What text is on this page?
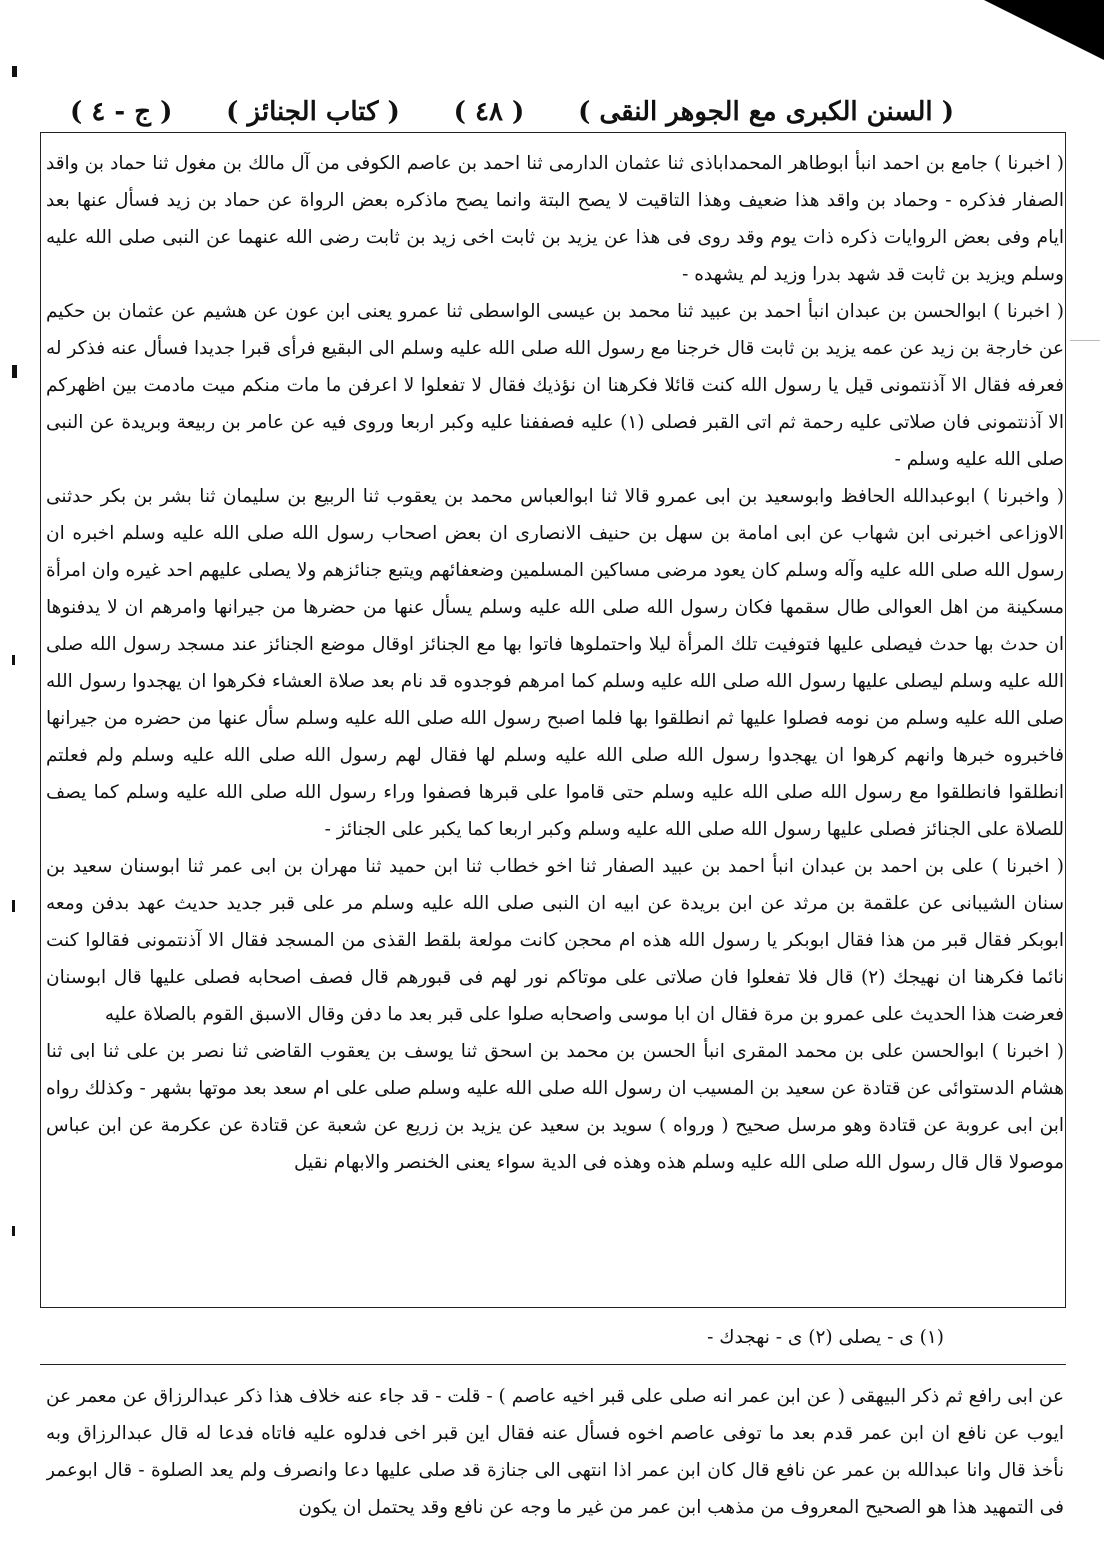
( السنن الكبرى مع الجوهر النقى )
( ٤٨ )
( كتاب الجنائز )
( ج - ٤ )

( اخبرنا ) جامع بن احمد انبأ ابوطاهر المحمداباذى ثنا عثمان الدارمى ثنا احمد بن عاصم الكوفى من آل مالك بن مغول ثنا حماد بن واقد الصفار فذكره - وحماد بن واقد هذا ضعيف وهذا التاقيت لا يصح البتة وانما يصح ماذكره بعض الرواة عن حماد بن زيد فسأل عنها بعد ايام وفى بعض الروايات ذكره ذات يوم وقد روى فى هذا عن يزيد بن ثابت اخى زيد بن ثابت رضى الله عنهما عن النبى صلى الله عليه وسلم ويزيد بن ثابت قد شهد بدرا وزيد لم يشهده -

( اخبرنا ) ابوالحسن بن عبدان انبأ احمد بن عبيد ثنا محمد بن عيسى الواسطى ثنا عمرو يعنى ابن عون عن هشيم عن عثمان بن حكيم عن خارجة بن زيد عن عمه يزيد بن ثابت قال خرجنا مع رسول الله صلى الله عليه وسلم الى البقيع فرأى قبرا جديدا فسأل عنه فذكر له فعرفه فقال الا آذنتمونى قيل يا رسول الله كنت قائلا فكرهنا ان نؤذيك فقال لا تفعلوا لا اعرفن ما مات منكم ميت مادمت بين اظهركم الا آذنتمونى فان صلاتى عليه رحمة ثم اتى القبر فصلى (١) عليه فصففنا عليه وكبر اربعا وروى فيه عن عامر بن ربيعة وبريدة عن النبى صلى الله عليه وسلم -

( واخبرنا ) ابوعبدالله الحافظ وابوسعيد بن ابى عمرو قالا ثنا ابوالعباس محمد بن يعقوب ثنا الربيع بن سليمان ثنا بشر بن بكر حدثنى الاوزاعى اخبرنى ابن شهاب عن ابى امامة بن سهل بن حنيف الانصارى ان بعض اصحاب رسول الله صلى الله عليه وسلم اخبره ان رسول الله صلى الله عليه وآله وسلم كان يعود مرضى مساكين المسلمين وضعفائهم ويتبع جنائزهم ولا يصلى عليهم احد غيره وان امرأة مسكينة من اهل العوالى طال سقمها فكان رسول الله صلى الله عليه وسلم يسأل عنها من حضرها من جيرانها وامرهم ان لا يدفنوها ان حدث بها حدث فيصلى عليها فتوفيت تلك المرأة ليلا واحتملوها فاتوا بها مع الجنائز اوقال موضع الجنائز عند مسجد رسول الله صلى الله عليه وسلم ليصلى عليها رسول الله صلى الله عليه وسلم كما امرهم فوجدوه قد نام بعد صلاة العشاء فكرهوا ان يهجدوا رسول الله صلى الله عليه وسلم من نومه فصلوا عليها ثم انطلقوا بها فلما اصبح رسول الله صلى الله عليه وسلم سأل عنها من حضره من جيرانها فاخبروه خبرها وانهم كرهوا ان يهجدوا رسول الله صلى الله عليه وسلم لها فقال لهم رسول الله صلى الله عليه وسلم ولم فعلتم انطلقوا فانطلقوا مع رسول الله صلى الله عليه وسلم حتى قاموا على قبرها فصفوا وراء رسول الله صلى الله عليه وسلم كما يصف للصلاة على الجنائز فصلى عليها رسول الله صلى الله عليه وسلم وكبر اربعا كما يكبر على الجنائز -

( اخبرنا ) على بن احمد بن عبدان انبأ احمد بن عبيد الصفار ثنا اخو خطاب ثنا ابن حميد ثنا مهران بن ابى عمر ثنا ابوسنان سعيد بن سنان الشيبانى عن علقمة بن مرثد عن ابن بريدة عن ابيه ان النبى صلى الله عليه وسلم مر على قبر جديد حديث عهد بدفن ومعه ابوبكر فقال قبر من هذا فقال ابوبكر يا رسول الله هذه ام محجن كانت مولعة بلقط القذى من المسجد فقال الا آذنتمونى فقالوا كنت نائما فكرهنا ان نهيجك (٢) قال فلا تفعلوا فان صلاتى على موتاكم نور لهم فى قبورهم قال فصف اصحابه فصلى عليها قال ابوسنان فعرضت هذا الحديث على عمرو بن مرة فقال ان ابا موسى واصحابه صلوا على قبر بعد ما دفن وقال الاسبق القوم بالصلاة عليه

( اخبرنا ) ابوالحسن على بن محمد المقرى انبأ الحسن بن محمد بن اسحق ثنا يوسف بن يعقوب القاضى ثنا نصر بن على ثنا ابى ثنا هشام الدستوائى عن قتادة عن سعيد بن المسيب ان رسول الله صلى الله عليه وسلم صلى على ام سعد بعد موتها بشهر - وكذلك رواه ابن ابى عروبة عن قتادة وهو مرسل صحيح ( ورواه ) سويد بن سعيد عن يزيد بن زريع عن شعبة عن قتادة عن عكرمة عن ابن عباس موصولا قال قال رسول الله صلى الله عليه وسلم هذه وهذه فى الدية سواء يعنى الخنصر والابهام نقيل

(١) ى - يصلى (٢) ى - نهجدك -

عن ابى رافع ثم ذكر البيهقى ( عن ابن عمر انه صلى على قبر اخيه عاصم ) - قلت - قد جاء عنه خلاف هذا ذكر عبدالرزاق عن معمر عن ايوب عن نافع ان ابن عمر قدم بعد ما توفى عاصم اخوه فسأل عنه فقال اين قبر اخى فدلوه عليه فاتاه فدعا له قال عبدالرزاق وبه نأخذ قال وانا عبدالله بن عمر عن نافع قال كان ابن عمر اذا انتهى الى جنازة قد صلى عليها دعا وانصرف ولم يعد الصلوة - قال ابوعمر فى التمهيد هذا هو الصحيح المعروف من مذهب ابن عمر من غير ما وجه عن نافع وقد يحتمل ان يكون
